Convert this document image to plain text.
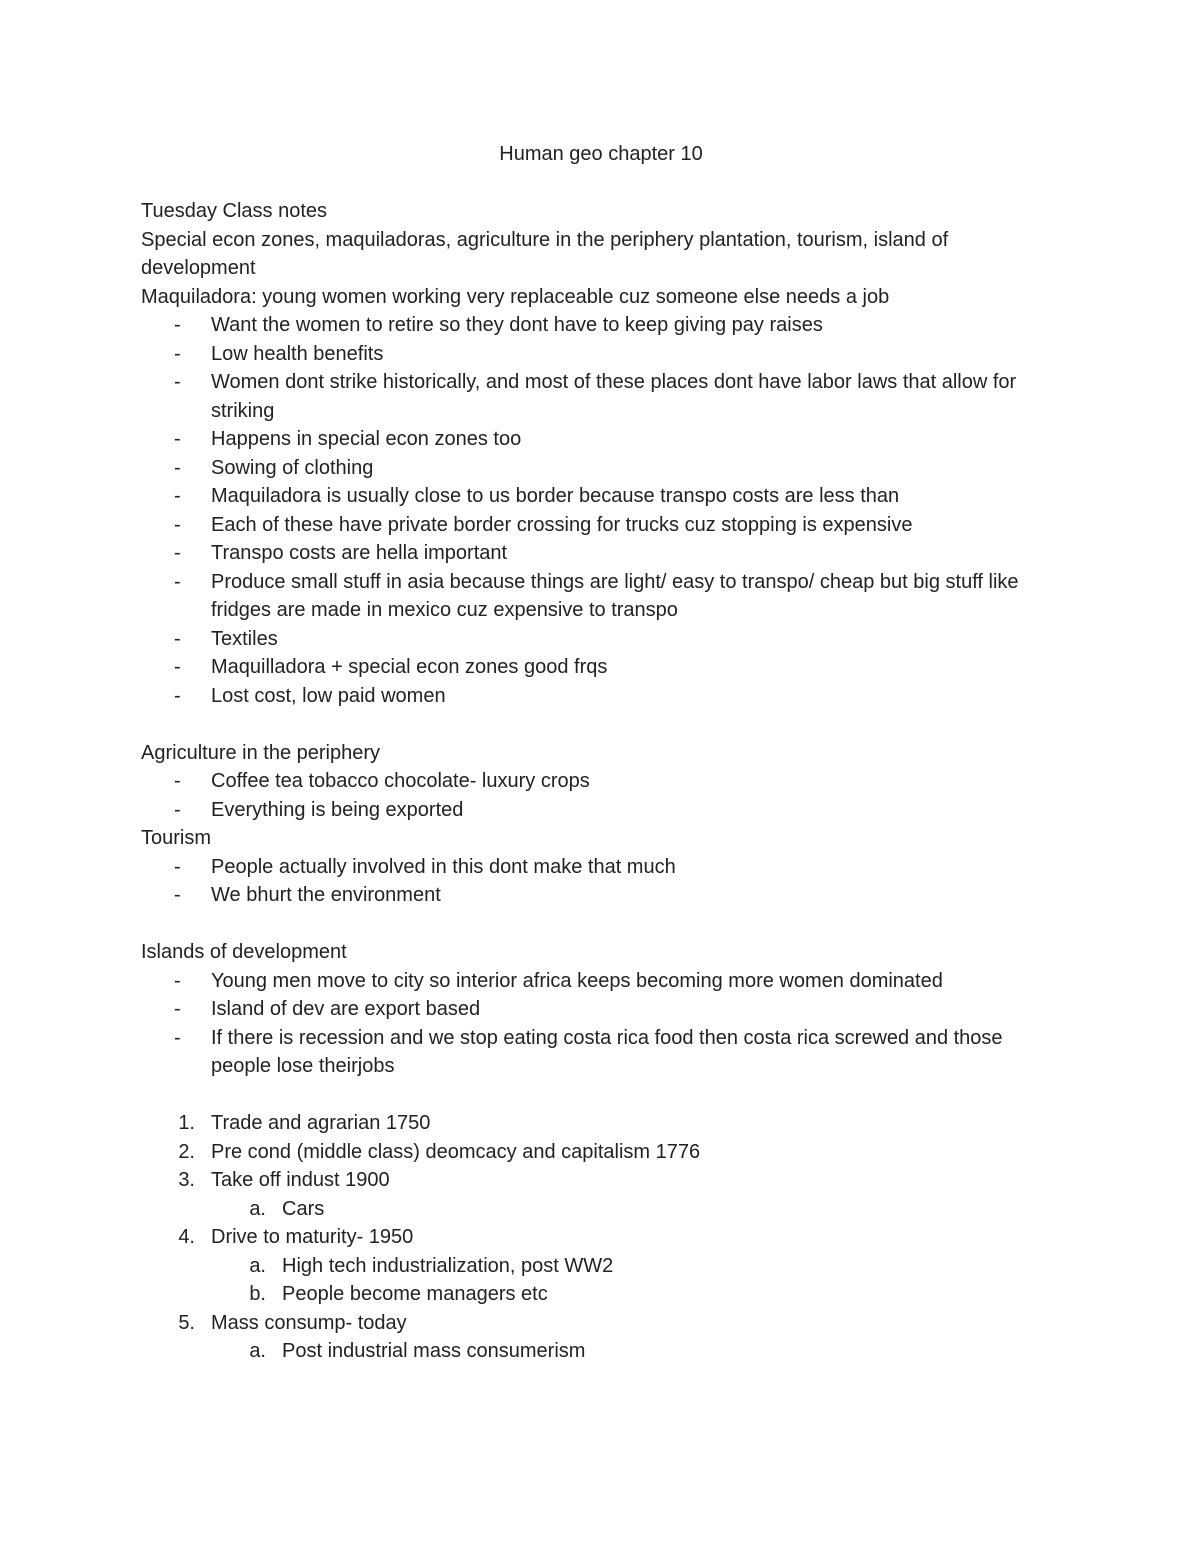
Human geo chapter 10

Tuesday Class notes

Special econ zones, maquiladoras, agriculture in the periphery plantation, tourism, island of development

Maquiladora: young women working very replaceable cuz someone else needs a job

- Want the women to retire so they dont have to keep giving pay raises
- Low health benefits
- Women dont strike historically, and most of these places dont have labor laws that allow for striking
- Happens in special econ zones too
- Sowing of clothing
- Maquiladora is usually close to us border because transpo costs are less than
- Each of these have private border crossing for trucks cuz stopping is expensive
- Transpo costs are hella important
- Produce small stuff in asia because things are light/ easy to transpo/ cheap but big stuff like fridges are made in mexico cuz expensive to transpo
- Textiles
- Maquilladora + special econ zones good frqs
- Lost cost, low paid women

Agriculture in the periphery

- Coffee tea tobacco chocolate- luxury crops
- Everything is being exported

Tourism

- People actually involved in this dont make that much
- We bhurt the environment

Islands of development

- Young men move to city so interior africa keeps becoming more women dominated
- Island of dev are export based
- If there is recession and we stop eating costa rica food then costa rica screwed and those people lose theirjobs
1. Trade and agrarian 1750
2. Pre cond (middle class) deomcacy and capitalism 1776
3. Take off indust 1900
a. Cars
4. Drive to maturity- 1950
a. High tech industrialization, post WW2
b. People become managers etc
5. Mass consump- today
a. Post industrial mass consumerism
